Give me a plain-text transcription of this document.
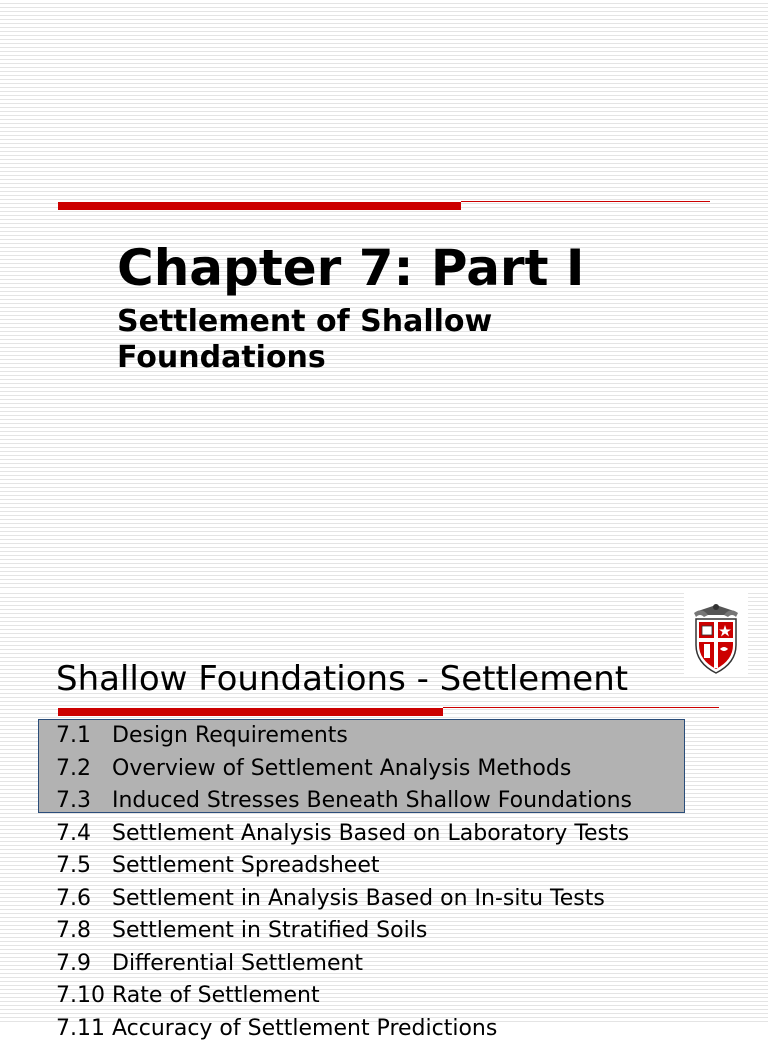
Chapter 7: Part I
Settlement of Shallow Foundations
Shallow Foundations - Settlement
7.1 Design Requirements
7.2 Overview of Settlement Analysis Methods
7.3 Induced Stresses Beneath Shallow Foundations
7.4 Settlement Analysis Based on Laboratory Tests
7.5 Settlement Spreadsheet
7.6 Settlement in Analysis Based on In-situ Tests
7.8 Settlement in Stratified Soils
7.9 Differential Settlement
7.10 Rate of Settlement
7.11 Accuracy of Settlement Predictions
